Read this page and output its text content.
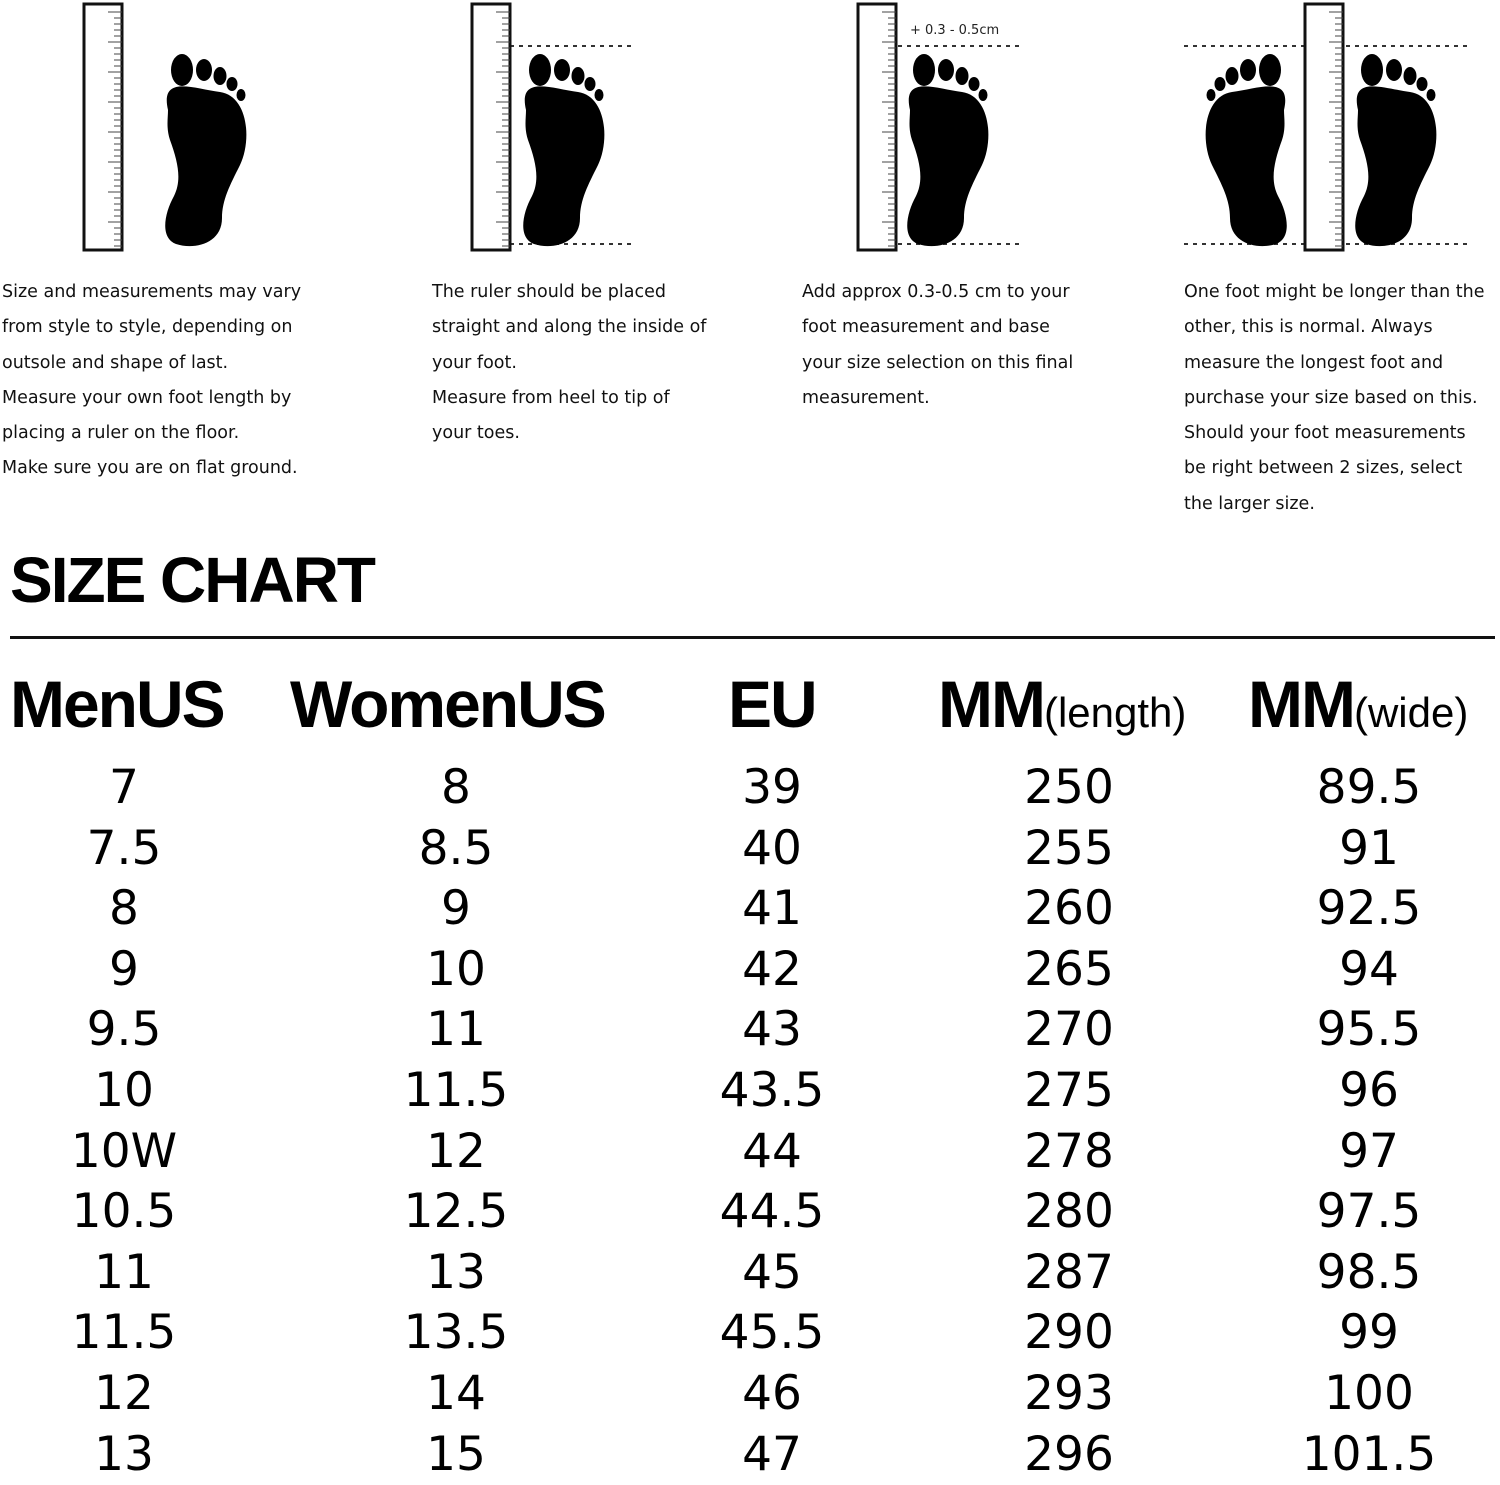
Size and measurements may vary
from style to style, depending on
outsole and shape of last.
Measure your own foot length by
placing a ruler on the floor.
Make sure you are on flat ground.
The ruler should be placed
straight and along the inside of
your foot.
Measure from heel to tip of
your toes.
+ 0.3 - 0.5cm
Add approx 0.3-0.5 cm to your
foot measurement and base
your size selection on this final
measurement.
One foot might be longer than the
other, this is normal. Always
measure the longest foot and
purchase your size based on this.
Should your foot measurements
be right between 2 sizes, select
the larger size.
SIZE CHART
MenUS WomenUS EU MM(length) MM(wide)
7	8	39	250	89.5
7.5	8.5	40	255	91
8	9	41	260	92.5
9	10	42	265	94
9.5	11	43	270	95.5
10	11.5	43.5	275	96
10W	12	44	278	97
10.5	12.5	44.5	280	97.5
11	13	45	287	98.5
11.5	13.5	45.5	290	99
12	14	46	293	100
13	15	47	296	101.5
